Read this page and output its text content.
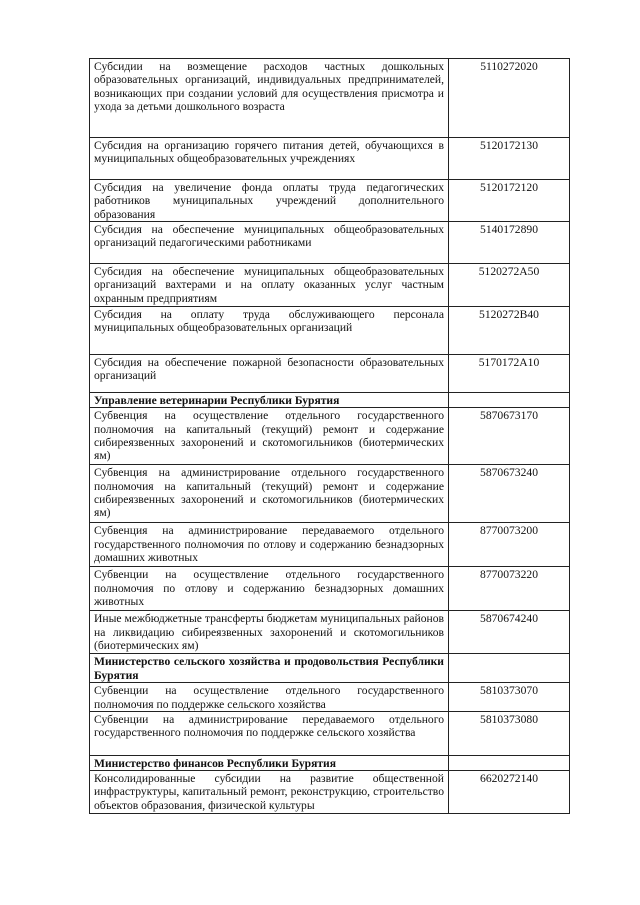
Субсидии на возмещение расходов частных дошкольных образовательных организаций, индивидуальных предпринимателей, возникающих при создании условий для осуществления присмотра и ухода за детьми дошкольного возраста	5110272020
Субсидия на организацию горячего питания детей, обучающихся в муниципальных общеобразовательных учреждениях	5120172130
Субсидия на увеличение фонда оплаты труда педагогических работников муниципальных учреждений дополнительного образования	5120172120
Субсидия на обеспечение муниципальных общеобразовательных организаций педагогическими работниками	5140172890
Субсидия на обеспечение муниципальных общеобразовательных организаций вахтерами и на оплату оказанных услуг частным охранным предприятиям	5120272А50
Субсидия на оплату труда обслуживающего персонала муниципальных общеобразовательных организаций	5120272В40
Субсидия на обеспечение пожарной безопасности образовательных организаций	5170172А10
Управление ветеринарии Республики Бурятия	
Субвенция на осуществление отдельного государственного полномочия на капитальный (текущий) ремонт и содержание сибиреязвенных захоронений и скотомогильников (биотермических ям)	5870673170
Субвенция на администрирование отдельного государственного полномочия на капитальный (текущий) ремонт и содержание сибиреязвенных захоронений и скотомогильников (биотермических ям)	5870673240
Субвенция на администрирование передаваемого отдельного государственного полномочия по отлову и содержанию безнадзорных домашних животных	8770073200
Субвенции на осуществление отдельного государственного полномочия по отлову и содержанию безнадзорных домашних животных	8770073220
Иные межбюджетные трансферты бюджетам муниципальных районов на ликвидацию сибиреязвенных захоронений и скотомогильников (биотермических ям)	5870674240
Министерство сельского хозяйства и продовольствия Республики Бурятия	
Субвенции на осуществление отдельного государственного полномочия по поддержке сельского хозяйства	5810373070
Субвенции на администрирование передаваемого отдельного государственного полномочия по поддержке сельского хозяйства	5810373080
Министерство финансов Республики Бурятия	
Консолидированные субсидии на развитие общественной инфраструктуры, капитальный ремонт, реконструкцию, строительство объектов образования, физической культуры	6620272140
